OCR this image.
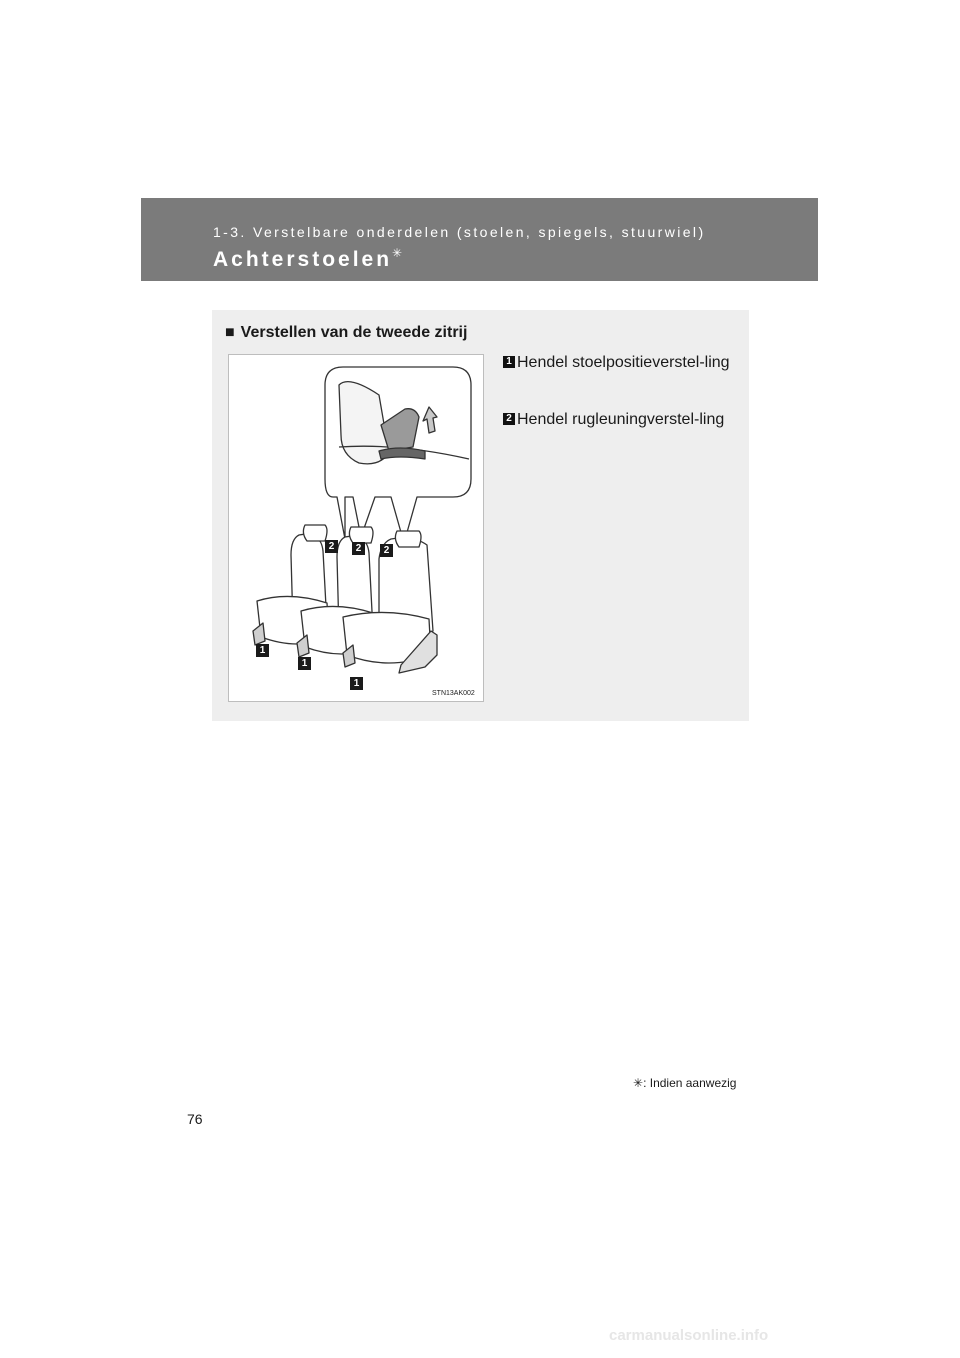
1-3. Verstelbare onderdelen (stoelen, spiegels, stuurwiel)
Achterstoelen✳
■ Verstellen van de tweede zitrij
2	2	2
1
1
1
STN13AK002
1 Hendel stoelpositieverstel-ling
2 Hendel rugleuningverstel-ling
✳: Indien aanwezig
76
carmanualsonline.info
